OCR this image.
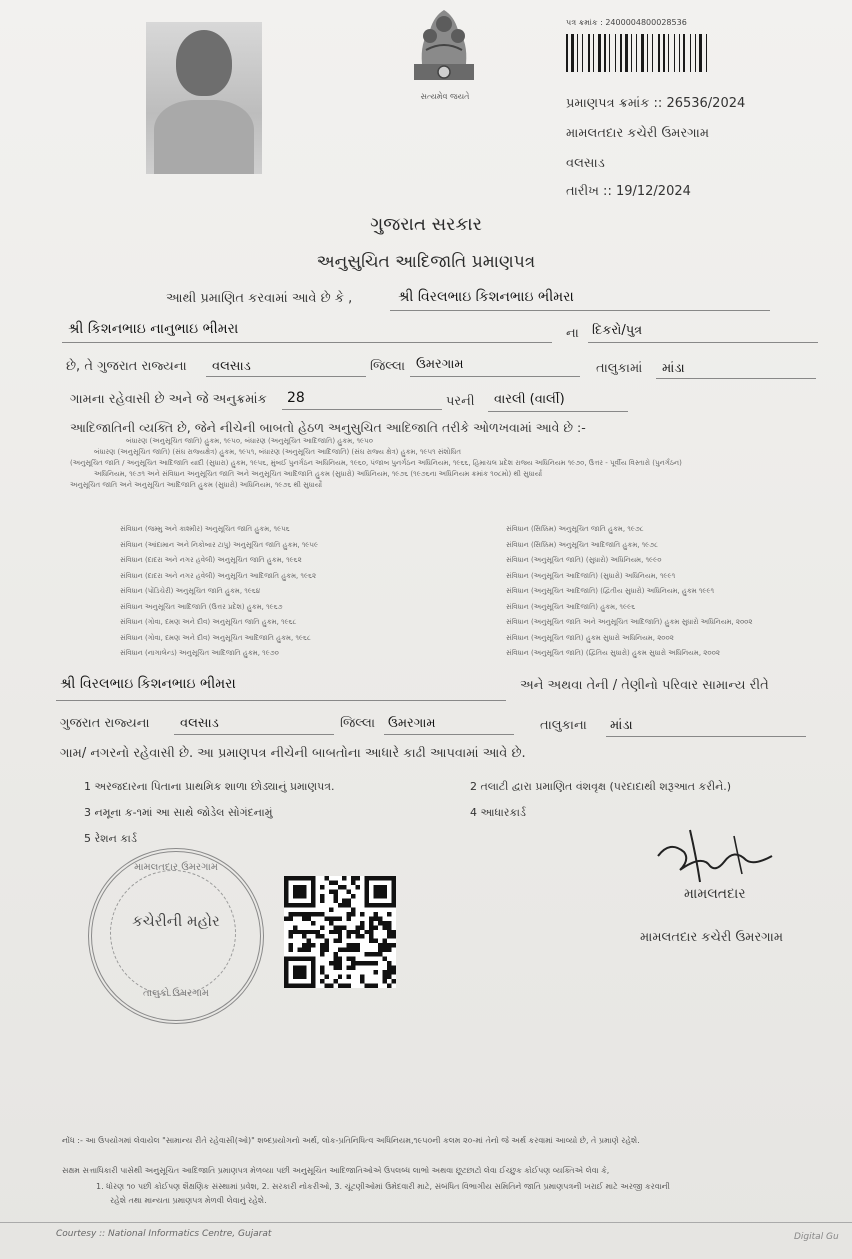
સત્યમેવ જયતે
પત્ર ક્રમાંક : 2400004800028536
પ્રમાણપત્ર ક્રમાંક :: 26536/2024
મામલતદાર કચેરી ઉમરગામ
વલસાડ
તારીખ :: 19/12/2024
ગુજરાત સરકાર
અનુસુચિત આદિજાતિ પ્રમાણપત્ર
આથી પ્રમાણિત કરવામાં આવે છે કે ,	શ્રી વિરલભાઇ કિશનભાઇ ભીમરા
શ્રી કિશનભાઇ નાનુભાઇ ભીમરા	ના દિકરો/પુત્ર
છે, તે ગુજરાત રાજ્યના વલસાડ	જિલ્લા ઉમરગામ	તાલુકામાં માંડા
ગામના રહેવાસી છે અને જે અનુક્રમાંક 28	પરની વારલી (વાર્લી)
આદિજાતિની વ્યક્તિ છે, જેને નીચેની બાબતો હેઠળ અનુસુચિત આદિજાતિ તરીકે ઓળખવામાં આવે છે :-
બંધારણ (અનુસૂચિત જાતિ) હુકમ, ૧૯૫૦, બંધારણ (અનુસૂચિત આદિજાતિ) હુકમ, ૧૯૫૦
બંધારણ (અનુસૂચિત જાતિ) (સંઘ રાજ્યક્ષેત્ર) હુકમ, ૧૯૫૧, બંધારણ (અનુસૂચિત આદિજાતિ) (સંઘ રાજ્ય ક્ષેત્ર) હુકમ, ૧૯૫૧ સંશોધિત
(અનુસૂચિત જાતિ / અનુસૂચિત આદિજાતિ યાદી (સુધારા) હુકમ, ૧૯૫૬, મુંબઈ પુનર્ગઠન અધિનિયમ, ૧૯૬૦, પંજાબ પુનર્ગઠન અધિનિયમ, ૧૯૬૬, હિમાચલ પ્રદેશ રાજ્ય અધિનિયમ ૧૯૭૦, ઉત્તર - પૂર્વીય વિસ્તારો (પુનર્ગઠન)
અધિનિયમ, ૧૯૭૧ અને સંવિધાન અનુસૂચિત જાતિ અને અનુસૂચિત આદિજાતિ હુકમ (સુધારો) અધિનિયમ, ૧૯૭૬ (૧૯૭૬ના અધિનિયમ ક્રમાંક ૧૦૮મો) થી સુધાર્યા
અનુસૂચિત જાતિ અને અનુસૂચિત આદિજાતિ હુકમ (સુધારો) અધિનિયમ, ૧૯૭૬ થી સુધાર્યો
સંવિધાન (જમ્મુ અને કાશ્મીર) અનુસૂચિત જાતિ હુકમ, ૧૯૫૬
સંવિધાન (આંદામાન અને નિકોબાર ટાપુ) અનુસૂચિત જાતિ હુકમ, ૧૯૫૯
સંવિધાન (દાદરા અને નગર હવેલી) અનુસૂચિત જાતિ હુકમ, ૧૯૬૨
સંવિધાન (દાદરા અને નગર હવેલી) અનુસૂચિત આદિજાતિ હુકમ, ૧૯૬૨
સંવિધાન (પોંડિચેરી) અનુસૂચિત જાતિ હુકમ, ૧૯૬૪
સંવિધાન અનુસૂચિત આદિજાતિ (ઉત્તર પ્રદેશ) હુકમ, ૧૯૬૭
સંવિધાન (ગોવા, દમણ અને દીવ) અનુસૂચિત જાતિ હુકમ, ૧૯૬૮
સંવિધાન (ગોવા, દમણ અને દીવ) અનુસૂચિત આદિજાતિ હુકમ, ૧૯૬૮
સંવિધાન (નાગાલેન્ડ) અનુસૂચિત આદિજાતિ હુકમ, ૧૯૭૦
સંવિધાન (સિક્કિમ) અનુસૂચિત જાતિ હુકમ, ૧૯૭૮
સંવિધાન (સિક્કિમ) અનુસૂચિત આદિજાતિ હુકમ, ૧૯૭૮
સંવિધાન (અનુસૂચિત જાતિ) (સુધારો) અધિનિયમ, ૧૯૯૦
સંવિધાન (અનુસૂચિત આદિજાતિ) (સુધારો) અધિનિયમ, ૧૯૯૧
સંવિધાન (અનુસૂચિત આદિજાતિ) (દ્વિતીય સુધારો) અધિનિયમ, હુકમ ૧૯૯૧
સંવિધાન (અનુસૂચિત આદિજાતિ) હુકમ, ૧૯૯૬
સંવિધાન (અનુસૂચિત જાતિ અને અનુસૂચિત આદિજાતિ) હુકમ સુધારો અધિનિયમ, ૨૦૦૨
સંવિધાન (અનુસૂચિત જાતિ) હુકમ સુધારો અધિનિયમ, ૨૦૦૨
સંવિધાન (અનુસૂચિત જાતિ) (દ્વિતિય સુધારો) હુકમ સુધારો અધિનિયમ, ૨૦૦૨
શ્રી વિરલભાઇ કિશનભાઇ ભીમરા	અને અથવા તેની / તેણીનો પરિવાર સામાન્ય રીતે
ગુજરાત રાજ્યના વલસાડ	જિલ્લા ઉમરગામ	તાલુકાના માંડા
ગામ/ નગરનો રહેવાસી છે. આ પ્રમાણપત્ર નીચેની બાબતોના આધારે કાઢી આપવામાં આવે છે.
1 અરજદારના પિતાના પ્રાથમિક શાળા છોડ્યાનું પ્રમાણપત્ર.	2 તલાટી દ્વારા પ્રમાણિત વંશવૃક્ષ (પરદાદાથી શરૂઆત કરીને.)
3 નમૂના ક-૧માં આ સાથે જોડેલ સોગંદનામું	4 આધારકાર્ડ
5 રેશન કાર્ડ
મામલતદાર ઉમરગામ
કચેરીની મહોર
તાલુકો ઉમરગામ
મામલતદાર
મામલતદાર કચેરી ઉમરગામ
નોંધ :- આ ઉપયોગમાં લેવાયેલ "સામાન્ય રીતે રહેવાસી(ઓ)" શબ્દપ્રયોગનો અર્થ, લોક-પ્રતિનિધિત્વ અધિનિયમ,૧૯૫૦ની કલમ ૨૦-માં તેનો જે અર્થ કરવામાં આવ્યો છે, તે પ્રમાણે રહેશે.
સક્ષમ સત્તાધિકારી પાસેથી અનુસૂચિત આદિજાતિ પ્રમાણપત્ર મેળવ્યા પછી અનુસૂચિત આદિજાતિઓએ ઉપલબ્ધ લાભો અથવા છૂટછાટો લેવા ઈચ્છુક કોઈપણ વ્યક્તિએ લેવા કે,
1. ધોરણ ૧૦ પછી કોઈપણ શૈક્ષણિક સંસ્થામાં પ્રવેશ, 2. સરકારી નોકરીઓ, 3. ચૂંટણીઓમાં ઉમેદવારી માટે, સંબંધિત વિભાગીય સમિતિને જાતિ પ્રમાણપત્રની ખરાઈ માટે અરજી કરવાની
રહેશે તથા માન્યતા પ્રમાણપત્ર મેળવી લેવાનું રહેશે.
Courtesy :: National Informatics Centre, Gujarat	Digital Gu
